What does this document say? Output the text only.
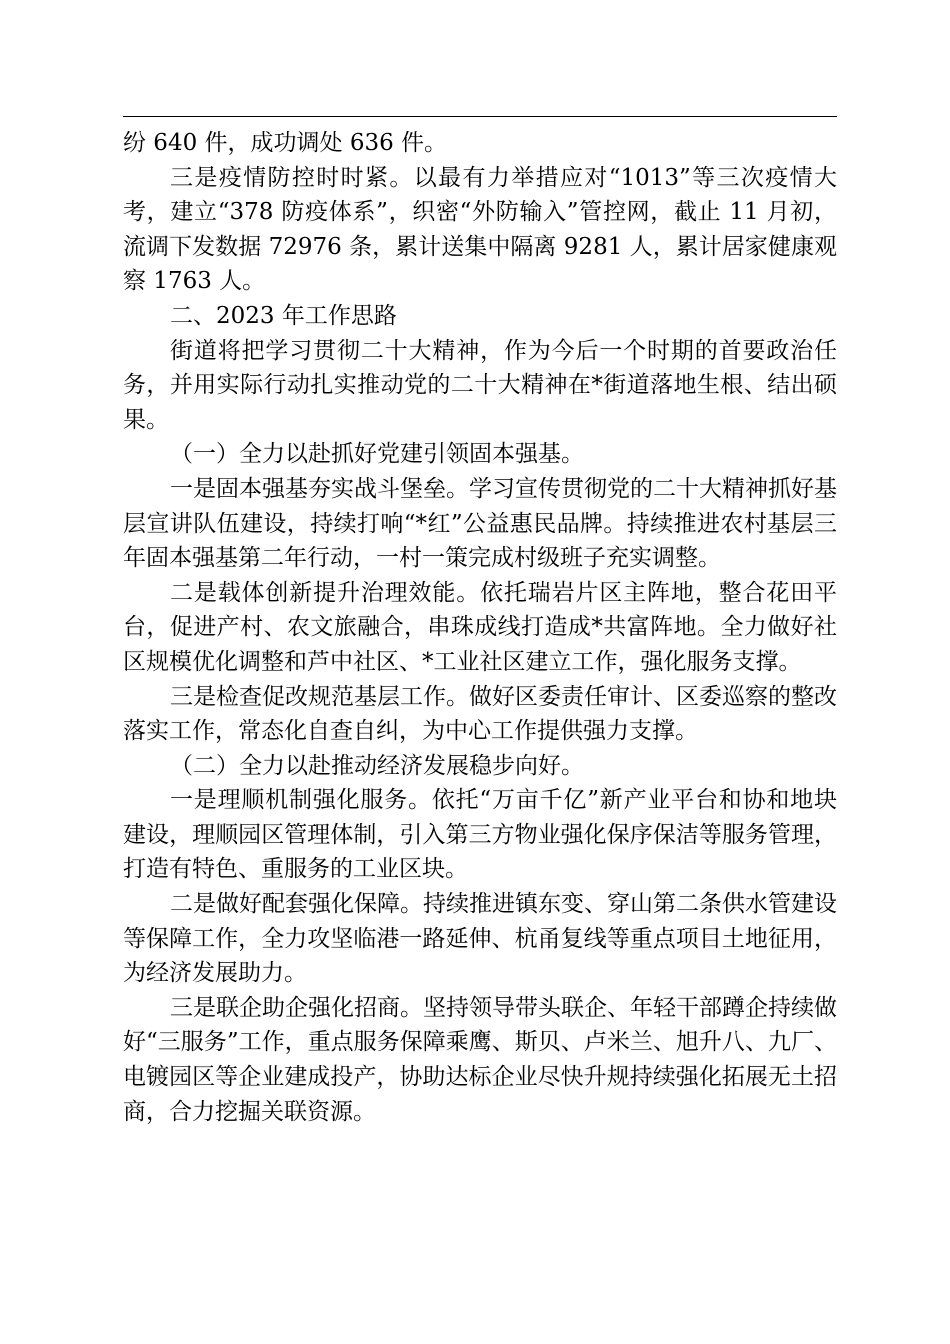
纷 640 件，成功调处 636 件。

三是疫情防控时时紧。以最有力举措应对“1013”等三次疫情大考，建立“378 防疫体系”，织密“外防输入”管控网，截止 11 月初，流调下发数据 72976 条，累计送集中隔离 9281 人，累计居家健康观察 1763 人。

二、2023 年工作思路

街道将把学习贯彻二十大精神，作为今后一个时期的首要政治任务，并用实际行动扎实推动党的二十大精神在*街道落地生根、结出硕果。

（一）全力以赴抓好党建引领固本强基。

一是固本强基夯实战斗堡垒。学习宣传贯彻党的二十大精神抓好基层宣讲队伍建设，持续打响“*红”公益惠民品牌。持续推进农村基层三年固本强基第二年行动，一村一策完成村级班子充实调整。

二是载体创新提升治理效能。依托瑞岩片区主阵地，整合花田平台，促进产村、农文旅融合，串珠成线打造成*共富阵地。全力做好社区规模优化调整和芦中社区、*工业社区建立工作，强化服务支撑。

三是检查促改规范基层工作。做好区委责任审计、区委巡察的整改落实工作，常态化自查自纠，为中心工作提供强力支撑。

（二）全力以赴推动经济发展稳步向好。

一是理顺机制强化服务。依托“万亩千亿”新产业平台和协和地块建设，理顺园区管理体制，引入第三方物业强化保序保洁等服务管理，打造有特色、重服务的工业区块。

二是做好配套强化保障。持续推进镇东变、穿山第二条供水管建设等保障工作，全力攻坚临港一路延伸、杭甬复线等重点项目土地征用，为经济发展助力。

三是联企助企强化招商。坚持领导带头联企、年轻干部蹲企持续做好“三服务”工作，重点服务保障乘鹰、斯贝、卢米兰、旭升八、九厂、电镀园区等企业建成投产，协助达标企业尽快升规持续强化拓展无土招商，合力挖掘关联资源。
